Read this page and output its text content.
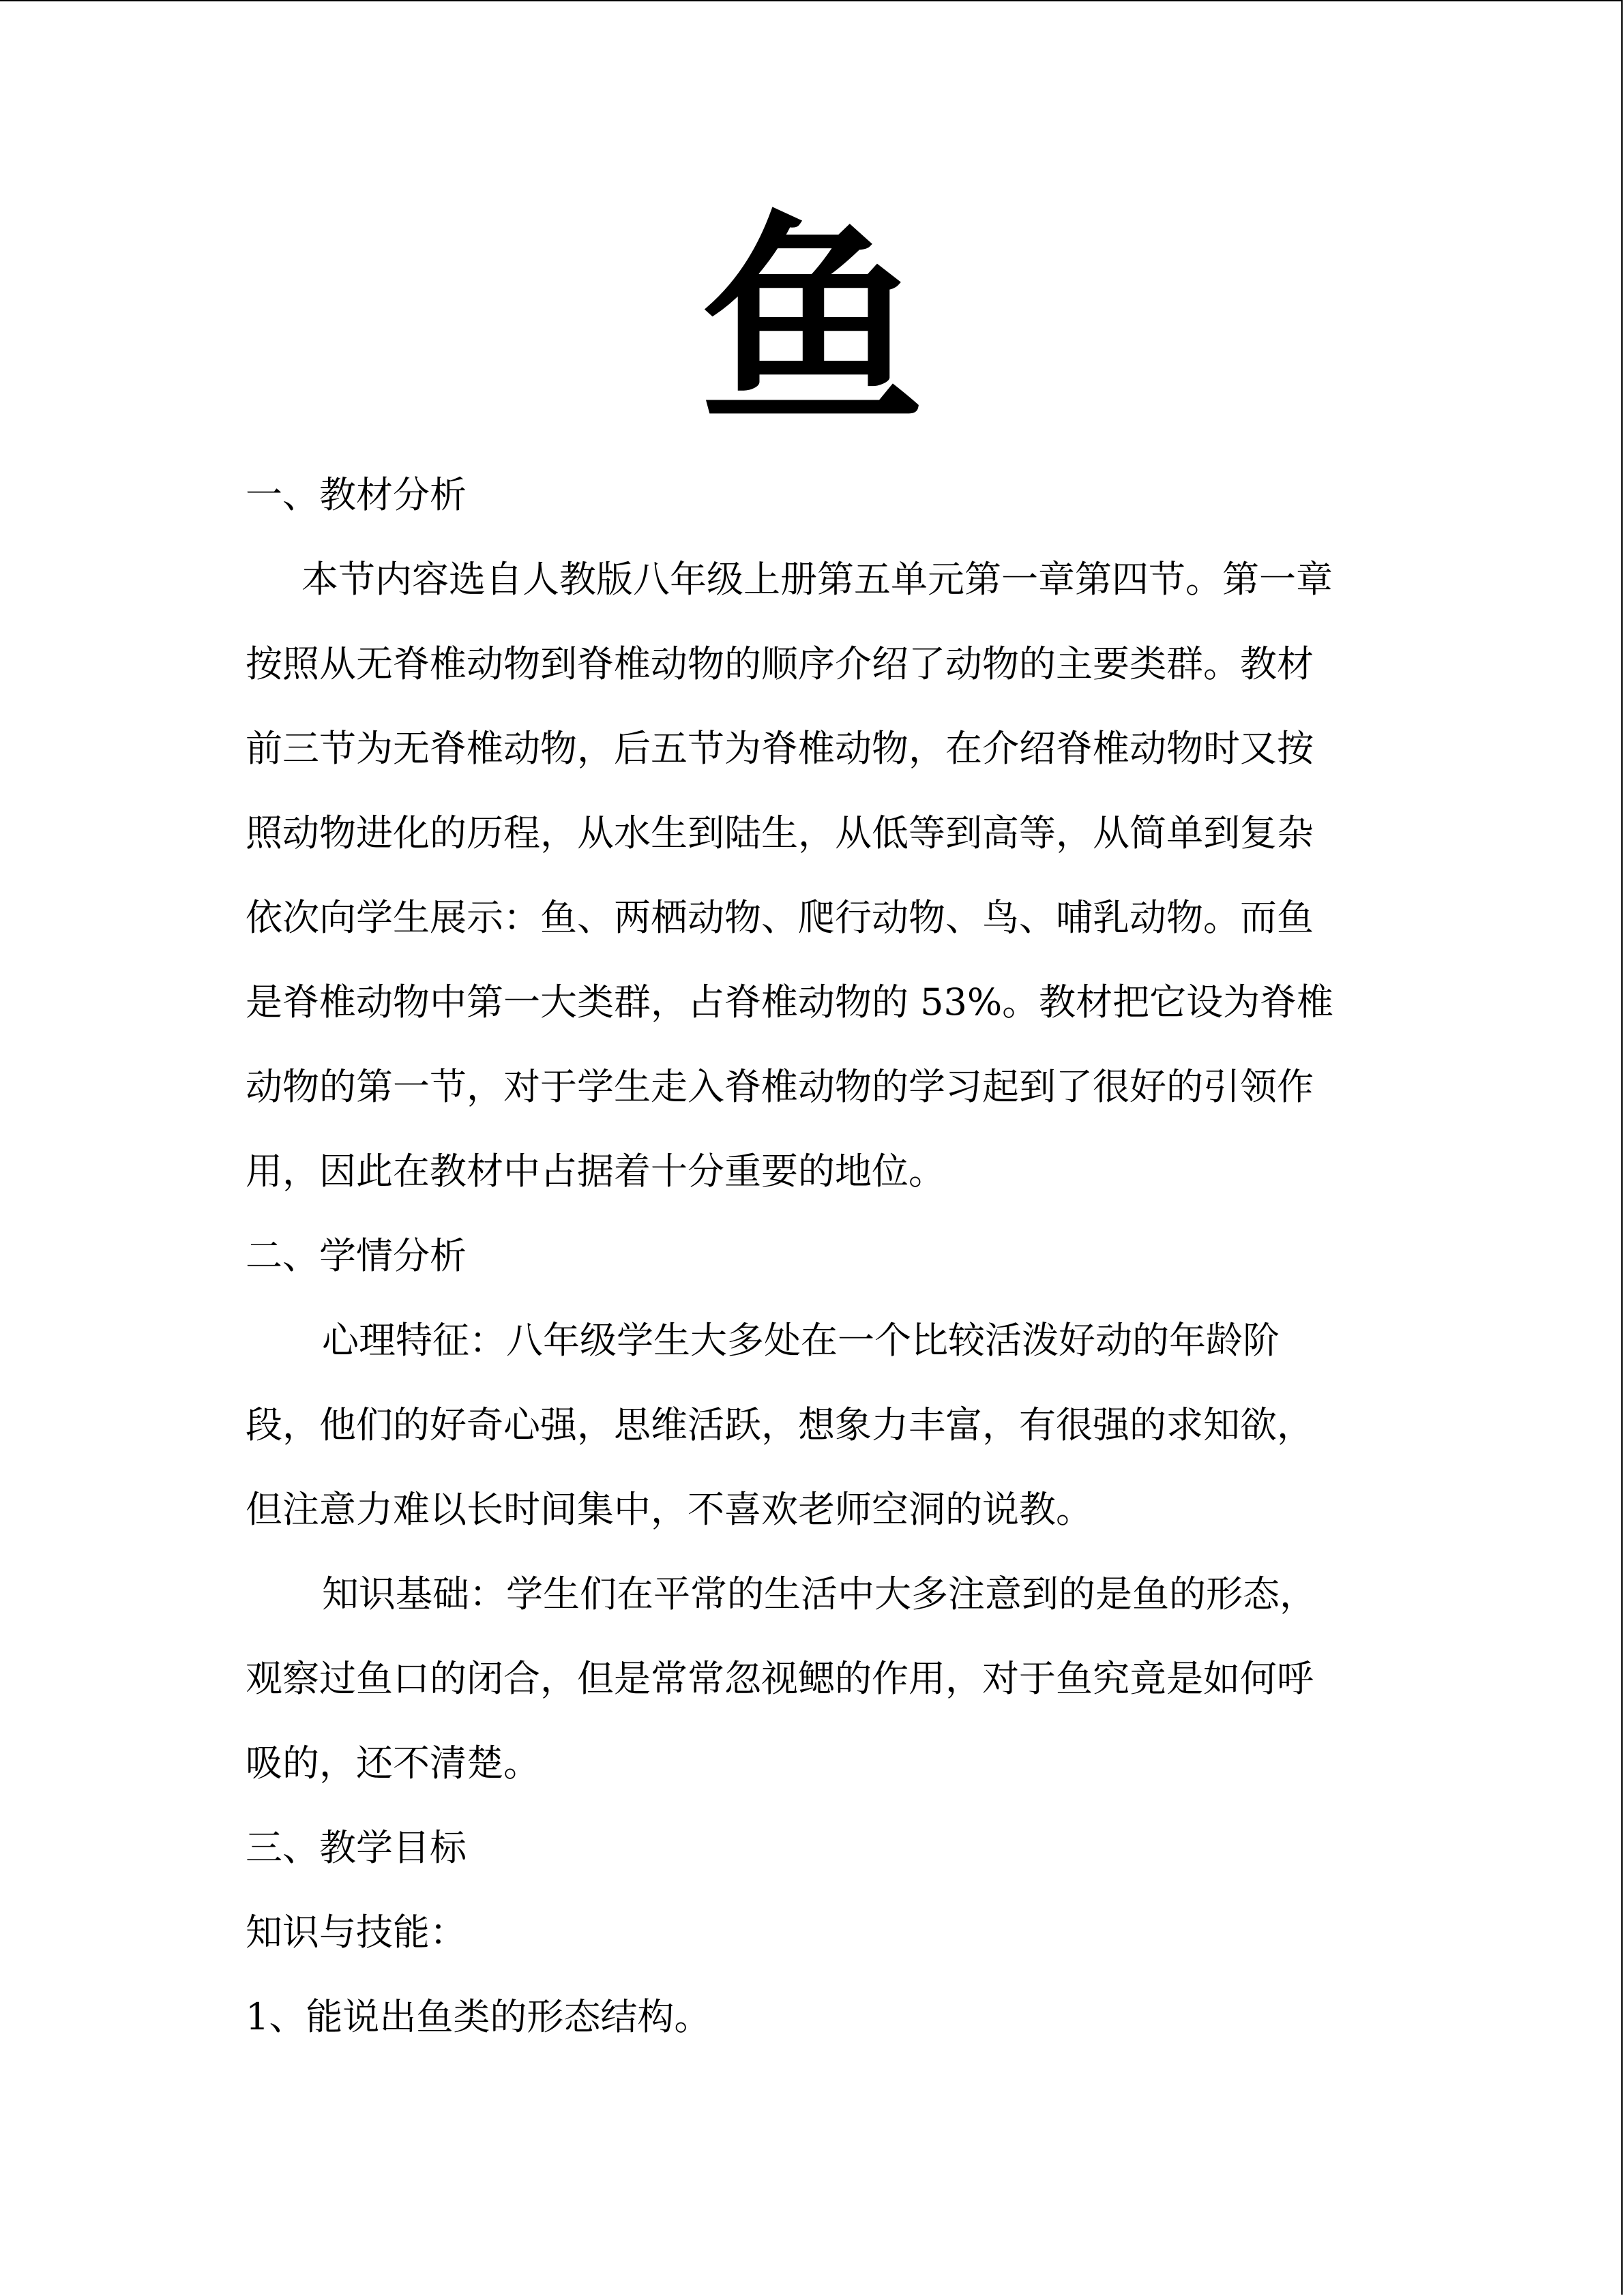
鱼

一、教材分析

本节内容选自人教版八年级上册第五单元第一章第四节。第一章

按照从无脊椎动物到脊椎动物的顺序介绍了动物的主要类群。教材

前三节为无脊椎动物，后五节为脊椎动物，在介绍脊椎动物时又按

照动物进化的历程，从水生到陆生，从低等到高等，从简单到复杂

依次向学生展示：鱼、两栖动物、爬行动物、鸟、哺乳动物。而鱼

是脊椎动物中第一大类群，占脊椎动物的 53%。教材把它设为脊椎

动物的第一节，对于学生走入脊椎动物的学习起到了很好的引领作

用，因此在教材中占据着十分重要的地位。

二、学情分析

心理特征：八年级学生大多处在一个比较活泼好动的年龄阶

段，他们的好奇心强，思维活跃，想象力丰富，有很强的求知欲，

但注意力难以长时间集中，不喜欢老师空洞的说教。

知识基础：学生们在平常的生活中大多注意到的是鱼的形态，

观察过鱼口的闭合，但是常常忽视鳃的作用，对于鱼究竟是如何呼

吸的，还不清楚。

三、教学目标

知识与技能：

1、能说出鱼类的形态结构。
